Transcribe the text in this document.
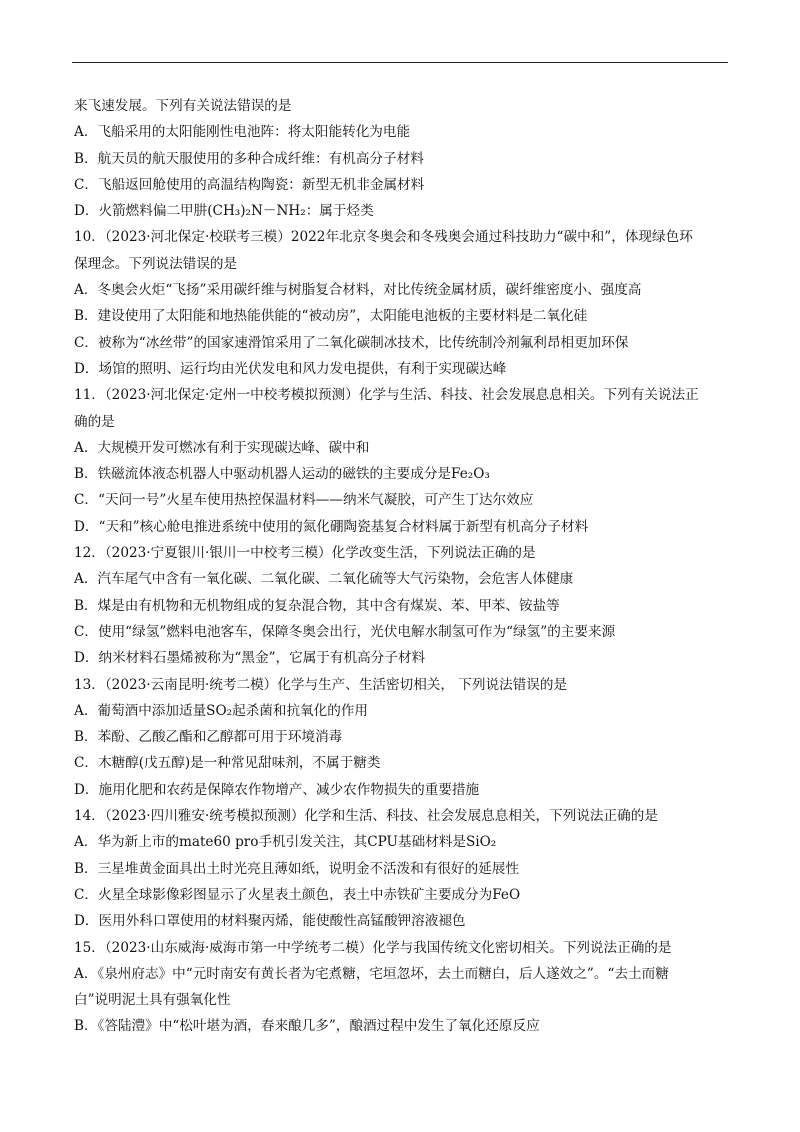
来飞速发展。下列有关说法错误的是
A．飞船采用的太阳能刚性电池阵：将太阳能转化为电能
B．航天员的航天服使用的多种合成纤维：有机高分子材料
C．飞船返回舱使用的高温结构陶瓷：新型无机非金属材料
D．火箭燃料偏二甲肼(CH₃)₂N－NH₂：属于烃类
10．（2023·河北保定·校联考三模）2022年北京冬奥会和冬残奥会通过科技助力“碳中和”，体现绿色环
保理念。下列说法错误的是
A．冬奥会火炬“飞扬”采用碳纤维与树脂复合材料，对比传统金属材质，碳纤维密度小、强度高
B．建设使用了太阳能和地热能供能的“被动房”，太阳能电池板的主要材料是二氧化硅
C．被称为“冰丝带”的国家速滑馆采用了二氧化碳制冰技术，比传统制冷剂氟利昂相更加环保
D．场馆的照明、运行均由光伏发电和风力发电提供，有利于实现碳达峰
11．（2023·河北保定·定州一中校考模拟预测）化学与生活、科技、社会发展息息相关。下列有关说法正
确的是
A．大规模开发可燃冰有利于实现碳达峰、碳中和
B．铁磁流体液态机器人中驱动机器人运动的磁铁的主要成分是Fe₂O₃
C．“天问一号”火星车使用热控保温材料——纳米气凝胶，可产生丁达尔效应
D．“天和”核心舱电推进系统中使用的氮化硼陶瓷基复合材料属于新型有机高分子材料
12．（2023·宁夏银川·银川一中校考三模）化学改变生活，下列说法正确的是
A．汽车尾气中含有一氧化碳、二氧化碳、二氧化硫等大气污染物，会危害人体健康
B．煤是由有机物和无机物组成的复杂混合物，其中含有煤炭、苯、甲苯、铵盐等
C．使用“绿氢”燃料电池客车，保障冬奥会出行，光伏电解水制氢可作为“绿氢”的主要来源
D．纳米材料石墨烯被称为“黑金”，它属于有机高分子材料
13．（2023·云南昆明·统考二模）化学与生产、生活密切相关， 下列说法错误的是
A．葡萄酒中添加适量SO₂起杀菌和抗氧化的作用
B．苯酚、乙酸乙酯和乙醇都可用于环境消毒
C．木糖醇(戊五醇)是一种常见甜味剂，不属于糖类
D．施用化肥和农药是保障农作物增产、减少农作物损失的重要措施
14．（2023·四川雅安·统考模拟预测）化学和生活、科技、社会发展息息相关，下列说法正确的是
A．华为新上市的mate60 pro手机引发关注，其CPU基础材料是SiO₂
B．三星堆黄金面具出土时光亮且薄如纸，说明金不活泼和有很好的延展性
C．火星全球影像彩图显示了火星表土颜色，表土中赤铁矿主要成分为FeO
D．医用外科口罩使用的材料聚丙烯，能使酸性高锰酸钾溶液褪色
15．（2023·山东威海·威海市第一中学统考二模）化学与我国传统文化密切相关。下列说法正确的是
A．《泉州府志》中“元时南安有黄长者为宅煮糖，宅垣忽坏，去土而糖白，后人遂效之”。“去土而糖
白”说明泥土具有强氧化性
B．《答陆澧》中“松叶堪为酒，春来酿几多”，酿酒过程中发生了氧化还原反应
